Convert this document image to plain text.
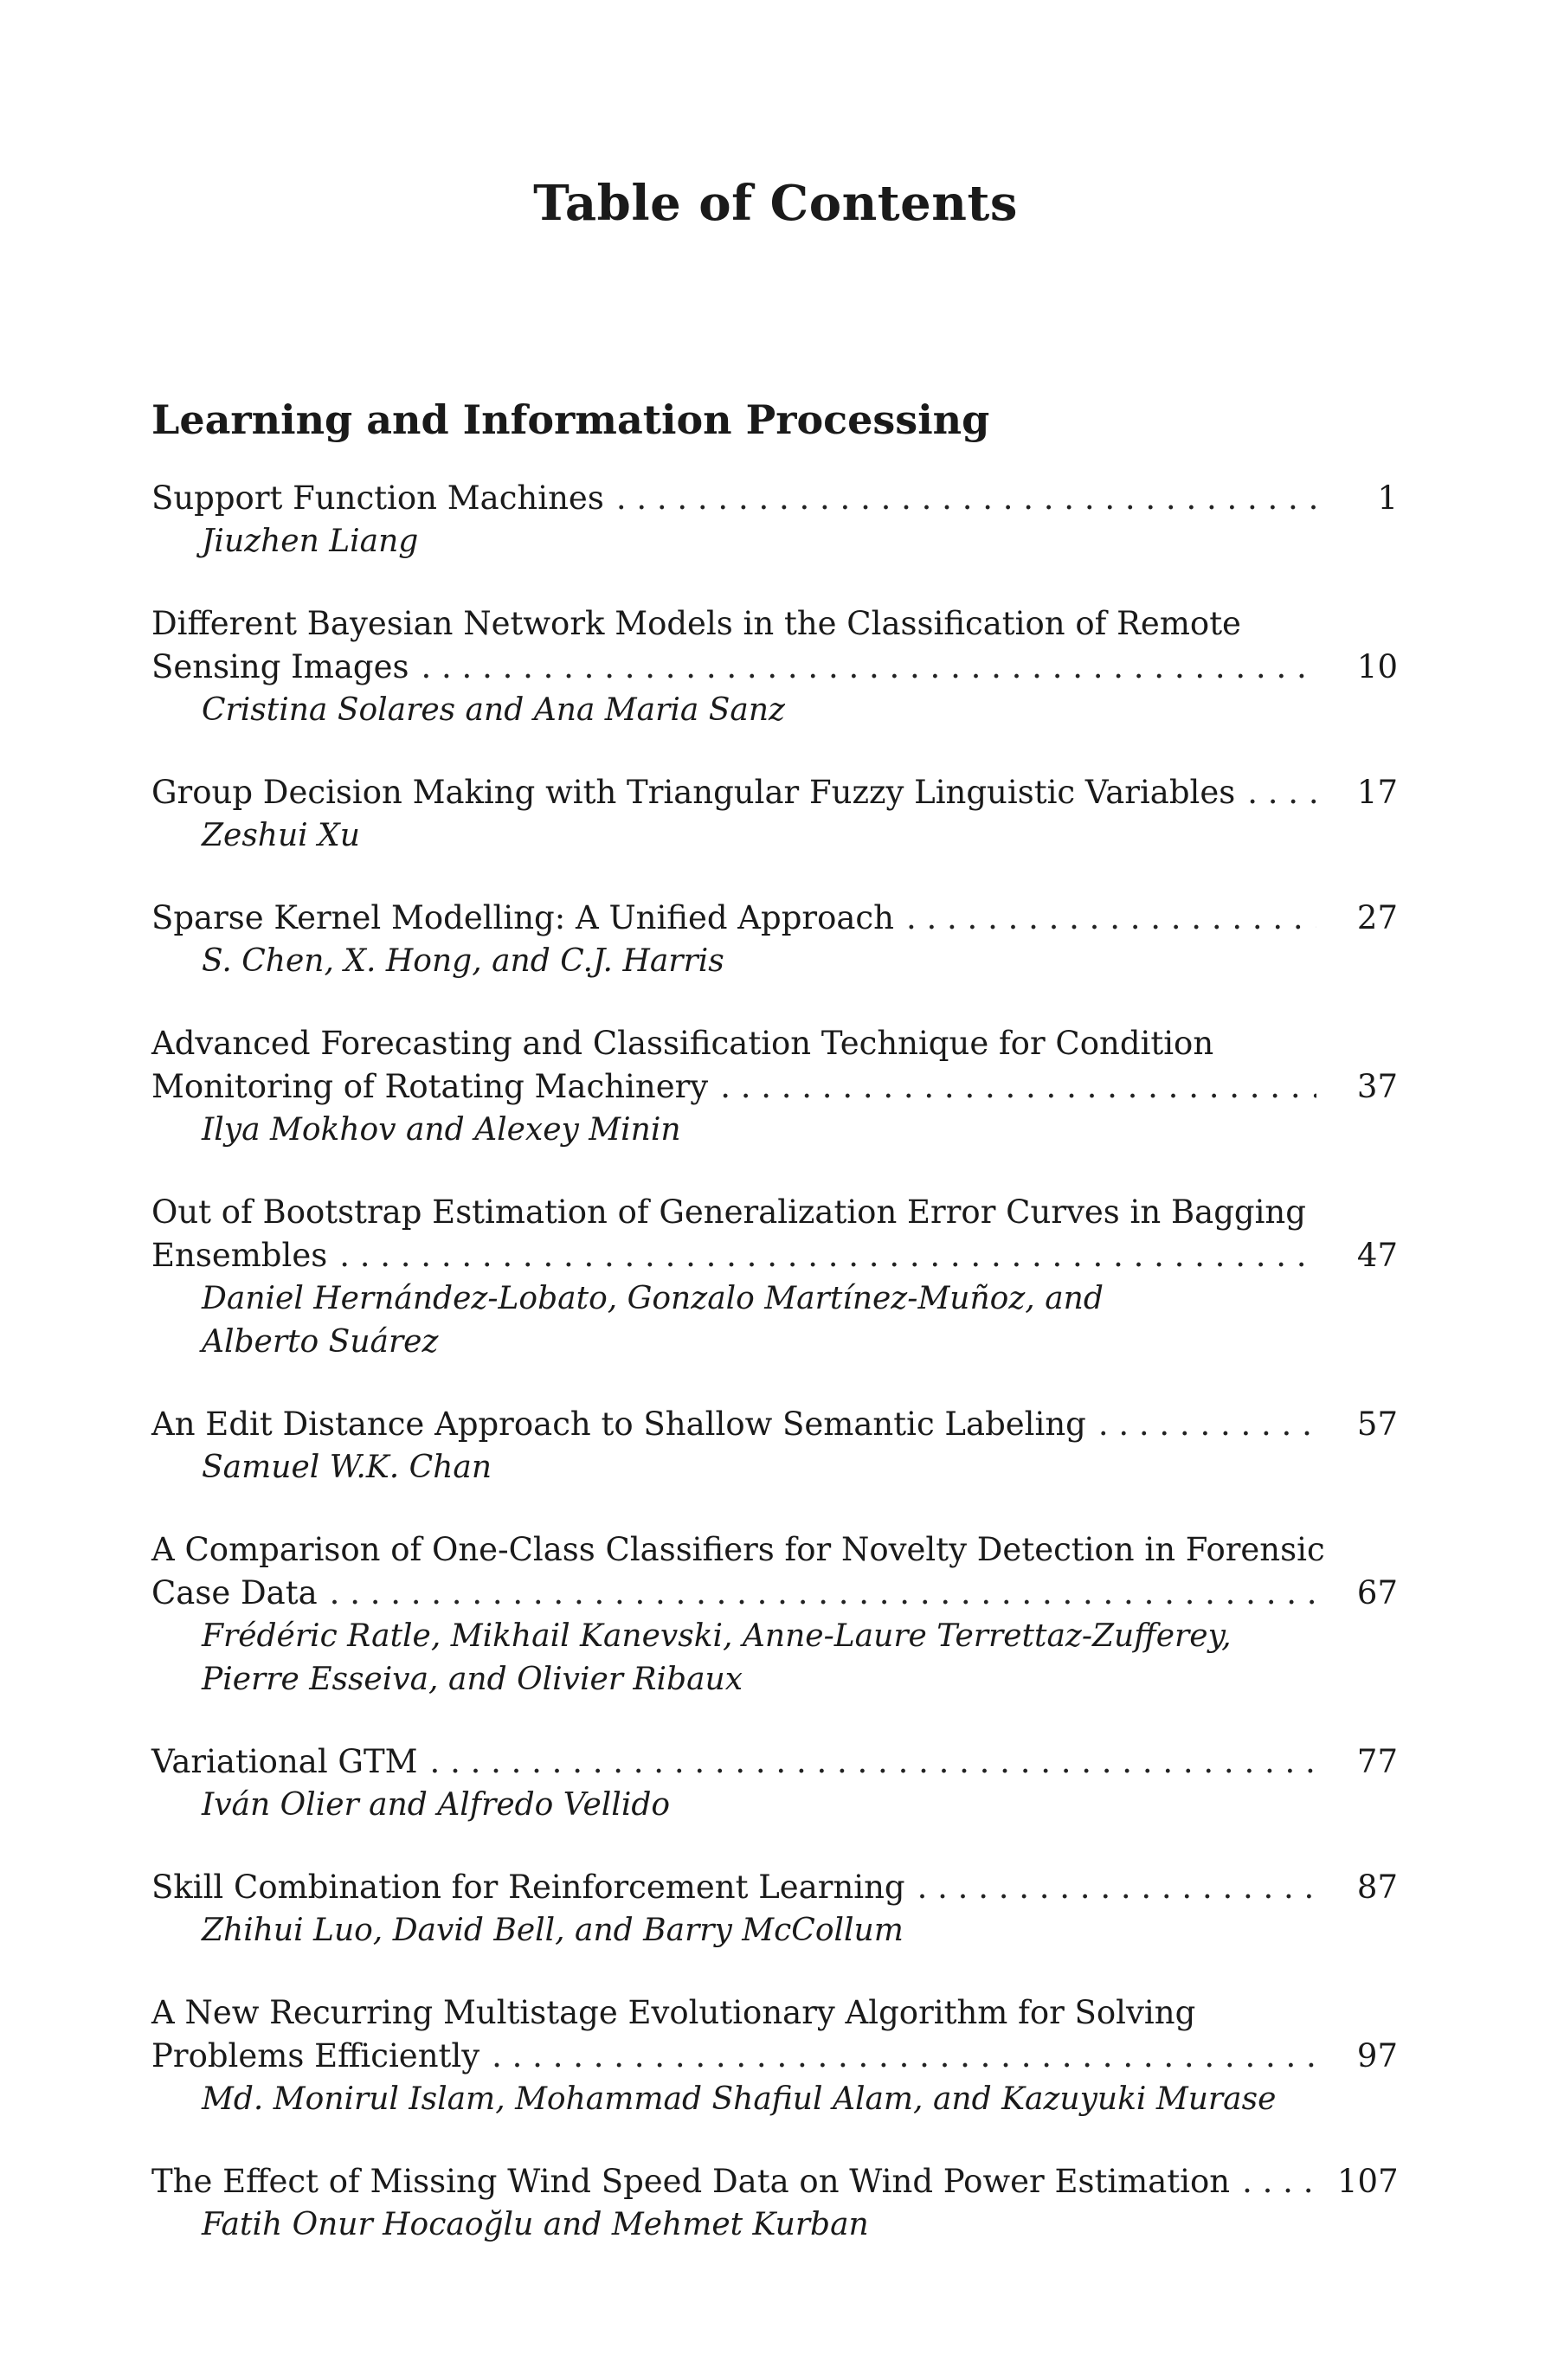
Table of Contents
Learning and Information Processing
Support Function Machines . . .	1
Jiuzhen Liang
Different Bayesian Network Models in the Classification of Remote
Sensing Images . . .	10
Cristina Solares and Ana Maria Sanz
Group Decision Making with Triangular Fuzzy Linguistic Variables . . .	17
Zeshui Xu
Sparse Kernel Modelling: A Unified Approach . . .	27
S. Chen, X. Hong, and C.J. Harris
Advanced Forecasting and Classification Technique for Condition
Monitoring of Rotating Machinery . . .	37
Ilya Mokhov and Alexey Minin
Out of Bootstrap Estimation of Generalization Error Curves in Bagging
Ensembles . . .	47
Daniel Hernández-Lobato, Gonzalo Martínez-Muñoz, and
Alberto Suárez
An Edit Distance Approach to Shallow Semantic Labeling . . .	57
Samuel W.K. Chan
A Comparison of One-Class Classifiers for Novelty Detection in Forensic
Case Data . . .	67
Frédéric Ratle, Mikhail Kanevski, Anne-Laure Terrettaz-Zufferey,
Pierre Esseiva, and Olivier Ribaux
Variational GTM . . .	77
Iván Olier and Alfredo Vellido
Skill Combination for Reinforcement Learning . . .	87
Zhihui Luo, David Bell, and Barry McCollum
A New Recurring Multistage Evolutionary Algorithm for Solving
Problems Efficiently . . .	97
Md. Monirul Islam, Mohammad Shafiul Alam, and Kazuyuki Murase
The Effect of Missing Wind Speed Data on Wind Power Estimation . . .	107
Fatih Onur Hocaoğlu and Mehmet Kurban
